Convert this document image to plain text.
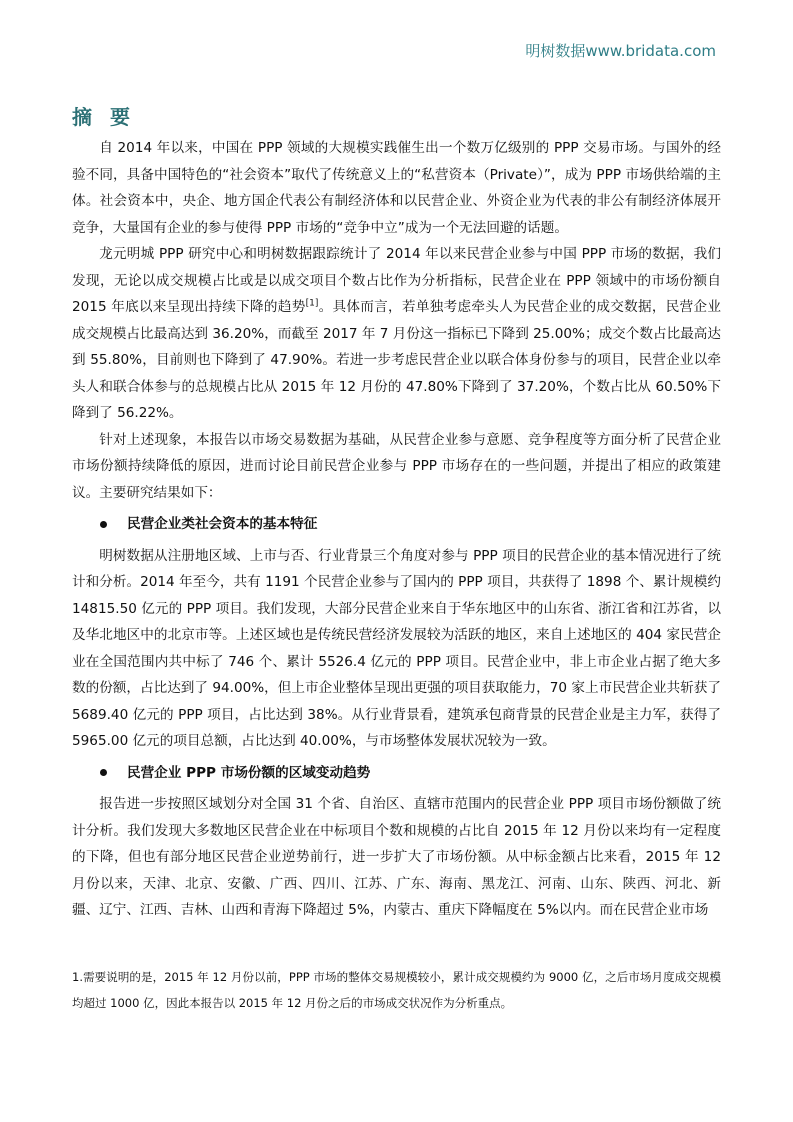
明树数据www.bridata.com
摘要

自 2014 年以来，中国在 PPP 领域的大规模实践催生出一个数万亿级别的 PPP 交易市场。与国外的经验不同，具备中国特色的“社会资本”取代了传统意义上的“私营资本（Private）”，成为 PPP 市场供给端的主体。社会资本中，央企、地方国企代表公有制经济体和以民营企业、外资企业为代表的非公有制经济体展开竞争，大量国有企业的参与使得 PPP 市场的“竞争中立”成为一个无法回避的话题。

龙元明城 PPP 研究中心和明树数据跟踪统计了 2014 年以来民营企业参与中国 PPP 市场的数据，我们发现，无论以成交规模占比或是以成交项目个数占比作为分析指标，民营企业在 PPP 领域中的市场份额自 2015 年底以来呈现出持续下降的趋势[1]。具体而言，若单独考虑牵头人为民营企业的成交数据，民营企业成交规模占比最高达到 36.20%，而截至 2017 年 7 月份这一指标已下降到 25.00%；成交个数占比最高达到 55.80%，目前则也下降到了 47.90%。若进一步考虑民营企业以联合体身份参与的项目，民营企业以牵头人和联合体参与的总规模占比从 2015 年 12 月份的 47.80%下降到了 37.20%，个数占比从 60.50%下降到了 56.22%。

针对上述现象，本报告以市场交易数据为基础，从民营企业参与意愿、竞争程度等方面分析了民营企业市场份额持续降低的原因，进而讨论目前民营企业参与 PPP 市场存在的一些问题，并提出了相应的政策建议。主要研究结果如下：

民营企业类社会资本的基本特征

明树数据从注册地区域、上市与否、行业背景三个角度对参与 PPP 项目的民营企业的基本情况进行了统计和分析。2014 年至今，共有 1191 个民营企业参与了国内的 PPP 项目，共获得了 1898 个、累计规模约 14815.50 亿元的 PPP 项目。我们发现，大部分民营企业来自于华东地区中的山东省、浙江省和江苏省，以及华北地区中的北京市等。上述区域也是传统民营经济发展较为活跃的地区，来自上述地区的 404 家民营企业在全国范围内共中标了 746 个、累计 5526.4 亿元的 PPP 项目。民营企业中，非上市企业占据了绝大多数的份额，占比达到了 94.00%，但上市企业整体呈现出更强的项目获取能力，70 家上市民营企业共斩获了 5689.40 亿元的 PPP 项目，占比达到 38%。从行业背景看，建筑承包商背景的民营企业是主力军，获得了 5965.00 亿元的项目总额，占比达到 40.00%，与市场整体发展状况较为一致。

民营企业 PPP 市场份额的区域变动趋势

报告进一步按照区域划分对全国 31 个省、自治区、直辖市范围内的民营企业 PPP 项目市场份额做了统计分析。我们发现大多数地区民营企业在中标项目个数和规模的占比自 2015 年 12 月份以来均有一定程度的下降，但也有部分地区民营企业逆势前行，进一步扩大了市场份额。从中标金额占比来看，2015 年 12 月份以来，天津、北京、安徽、广西、四川、江苏、广东、海南、黑龙江、河南、山东、陕西、河北、新疆、辽宁、江西、吉林、山西和青海下降超过 5%，内蒙古、重庆下降幅度在 5%以内。而在民营企业市场

1.需要说明的是，2015 年 12 月份以前，PPP 市场的整体交易规模较小，累计成交规模约为 9000 亿，之后市场月度成交规模均超过 1000 亿，因此本报告以 2015 年 12 月份之后的市场成交状况作为分析重点。
